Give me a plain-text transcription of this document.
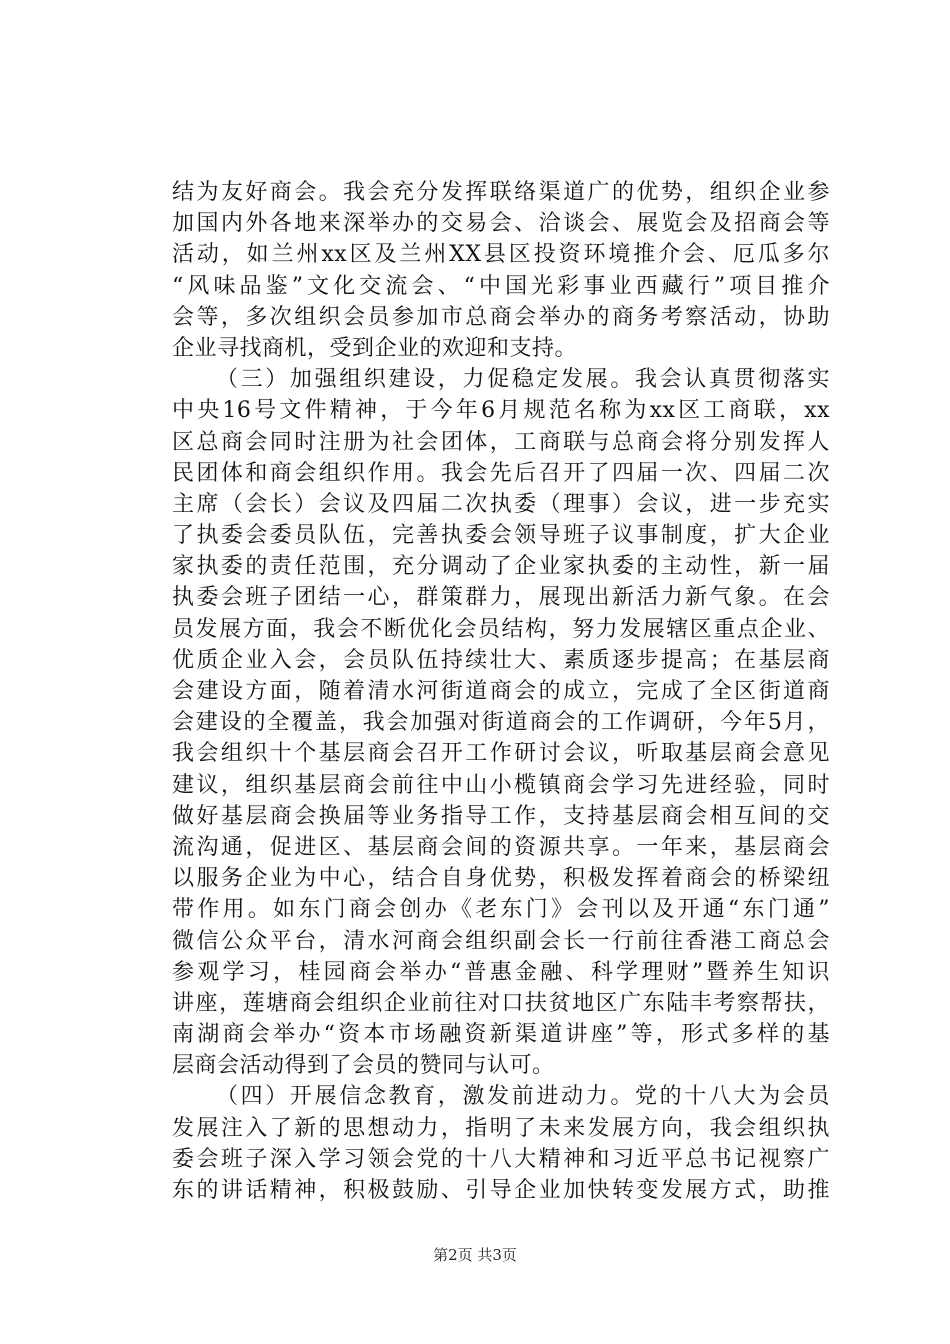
结为友好商会。我会充分发挥联络渠道广的优势，组织企业参
加国内外各地来深举办的交易会、洽谈会、展览会及招商会等
活动，如兰州xx区及兰州XX县区投资环境推介会、厄瓜多尔
“风味品鉴”文化交流会、“中国光彩事业西藏行”项目推介
会等，多次组织会员参加市总商会举办的商务考察活动，协助
企业寻找商机，受到企业的欢迎和支持。
（三）加强组织建设，力促稳定发展。我会认真贯彻落实
中央16号文件精神，于今年6月规范名称为xx区工商联，xx
区总商会同时注册为社会团体，工商联与总商会将分别发挥人
民团体和商会组织作用。我会先后召开了四届一次、四届二次
主席（会长）会议及四届二次执委（理事）会议，进一步充实
了执委会委员队伍，完善执委会领导班子议事制度，扩大企业
家执委的责任范围，充分调动了企业家执委的主动性，新一届
执委会班子团结一心，群策群力，展现出新活力新气象。在会
员发展方面，我会不断优化会员结构，努力发展辖区重点企业、
优质企业入会，会员队伍持续壮大、素质逐步提高；在基层商
会建设方面，随着清水河街道商会的成立，完成了全区街道商
会建设的全覆盖，我会加强对街道商会的工作调研，今年5月，
我会组织十个基层商会召开工作研讨会议，听取基层商会意见
建议，组织基层商会前往中山小榄镇商会学习先进经验，同时
做好基层商会换届等业务指导工作，支持基层商会相互间的交
流沟通，促进区、基层商会间的资源共享。一年来，基层商会
以服务企业为中心，结合自身优势，积极发挥着商会的桥梁纽
带作用。如东门商会创办《老东门》会刊以及开通“东门通”
微信公众平台，清水河商会组织副会长一行前往香港工商总会
参观学习，桂园商会举办“普惠金融、科学理财”暨养生知识
讲座，莲塘商会组织企业前往对口扶贫地区广东陆丰考察帮扶，
南湖商会举办“资本市场融资新渠道讲座”等，形式多样的基
层商会活动得到了会员的赞同与认可。
（四）开展信念教育，激发前进动力。党的十八大为会员
发展注入了新的思想动力，指明了未来发展方向，我会组织执
委会班子深入学习领会党的十八大精神和习近平总书记视察广
东的讲话精神，积极鼓励、引导企业加快转变发展方式，助推
第2页 共3页
